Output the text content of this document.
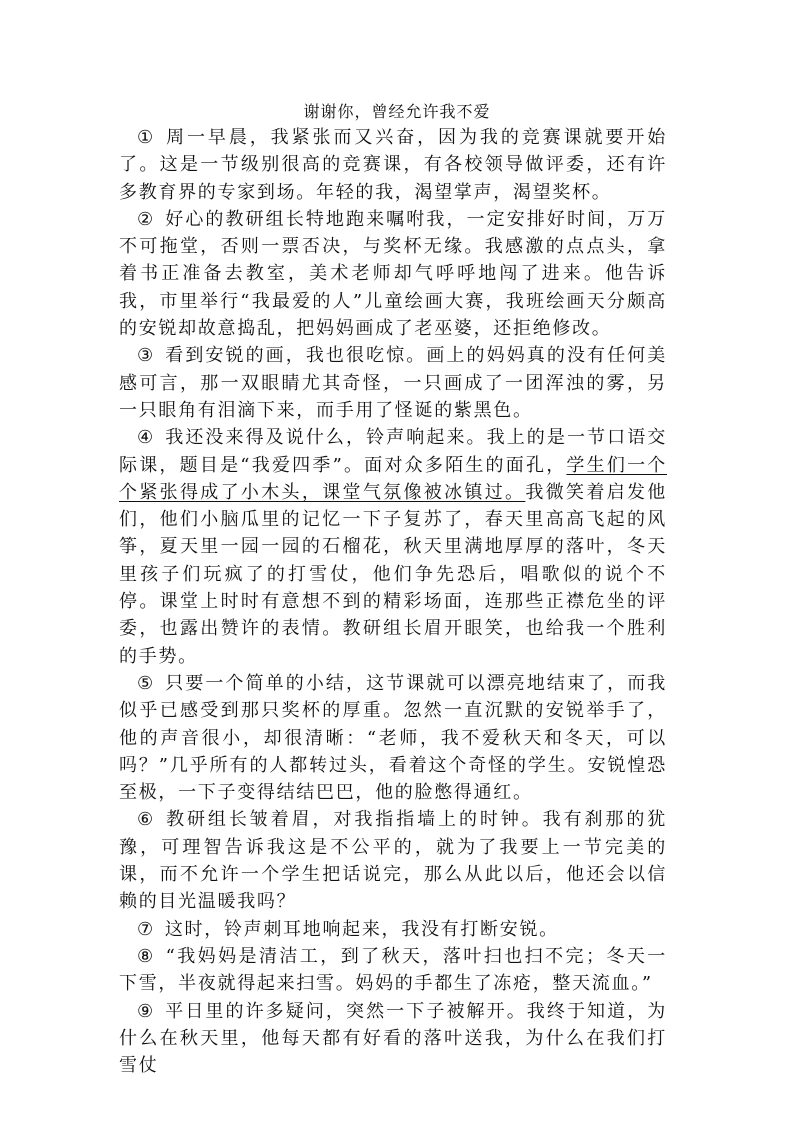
谢谢你，曾经允许我不爱

① 周一早晨，我紧张而又兴奋，因为我的竞赛课就要开始了。这是一节级别很高的竞赛课，有各校领导做评委，还有许多教育界的专家到场。年轻的我，渴望掌声，渴望奖杯。

② 好心的教研组长特地跑来嘱咐我，一定安排好时间，万万不可拖堂，否则一票否决，与奖杯无缘。我感激的点点头，拿着书正准备去教室，美术老师却气呼呼地闯了进来。他告诉我，市里举行“我最爱的人”儿童绘画大赛，我班绘画天分颇高的安锐却故意捣乱，把妈妈画成了老巫婆，还拒绝修改。

③ 看到安锐的画，我也很吃惊。画上的妈妈真的没有任何美感可言，那一双眼睛尤其奇怪，一只画成了一团浑浊的雾，另一只眼角有泪滴下来，而手用了怪诞的紫黑色。

④ 我还没来得及说什么，铃声响起来。我上的是一节口语交际课，题目是“我爱四季”。面对众多陌生的面孔，学生们一个个紧张得成了小木头，课堂气氛像被冰镇过。我微笑着启发他们，他们小脑瓜里的记忆一下子复苏了，春天里高高飞起的风筝，夏天里一园一园的石榴花，秋天里满地厚厚的落叶，冬天里孩子们玩疯了的打雪仗，他们争先恐后，唱歌似的说个不停。课堂上时时有意想不到的精彩场面，连那些正襟危坐的评委，也露出赞许的表情。教研组长眉开眼笑，也给我一个胜利的手势。

⑤ 只要一个简单的小结，这节课就可以漂亮地结束了，而我似乎已感受到那只奖杯的厚重。忽然一直沉默的安锐举手了，他的声音很小，却很清晰：“老师，我不爱秋天和冬天，可以吗？”几乎所有的人都转过头，看着这个奇怪的学生。安锐惶恐至极，一下子变得结结巴巴，他的脸憋得通红。

⑥ 教研组长皱着眉，对我指指墙上的时钟。我有刹那的犹豫，可理智告诉我这是不公平的，就为了我要上一节完美的课，而不允许一个学生把话说完，那么从此以后，他还会以信赖的目光温暖我吗？

⑦ 这时，铃声刺耳地响起来，我没有打断安锐。

⑧ “我妈妈是清洁工，到了秋天，落叶扫也扫不完；冬天一下雪，半夜就得起来扫雪。妈妈的手都生了冻疮，整天流血。”

⑨ 平日里的许多疑问，突然一下子被解开。我终于知道，为什么在秋天里，他每天都有好看的落叶送我，为什么在我们打雪仗
